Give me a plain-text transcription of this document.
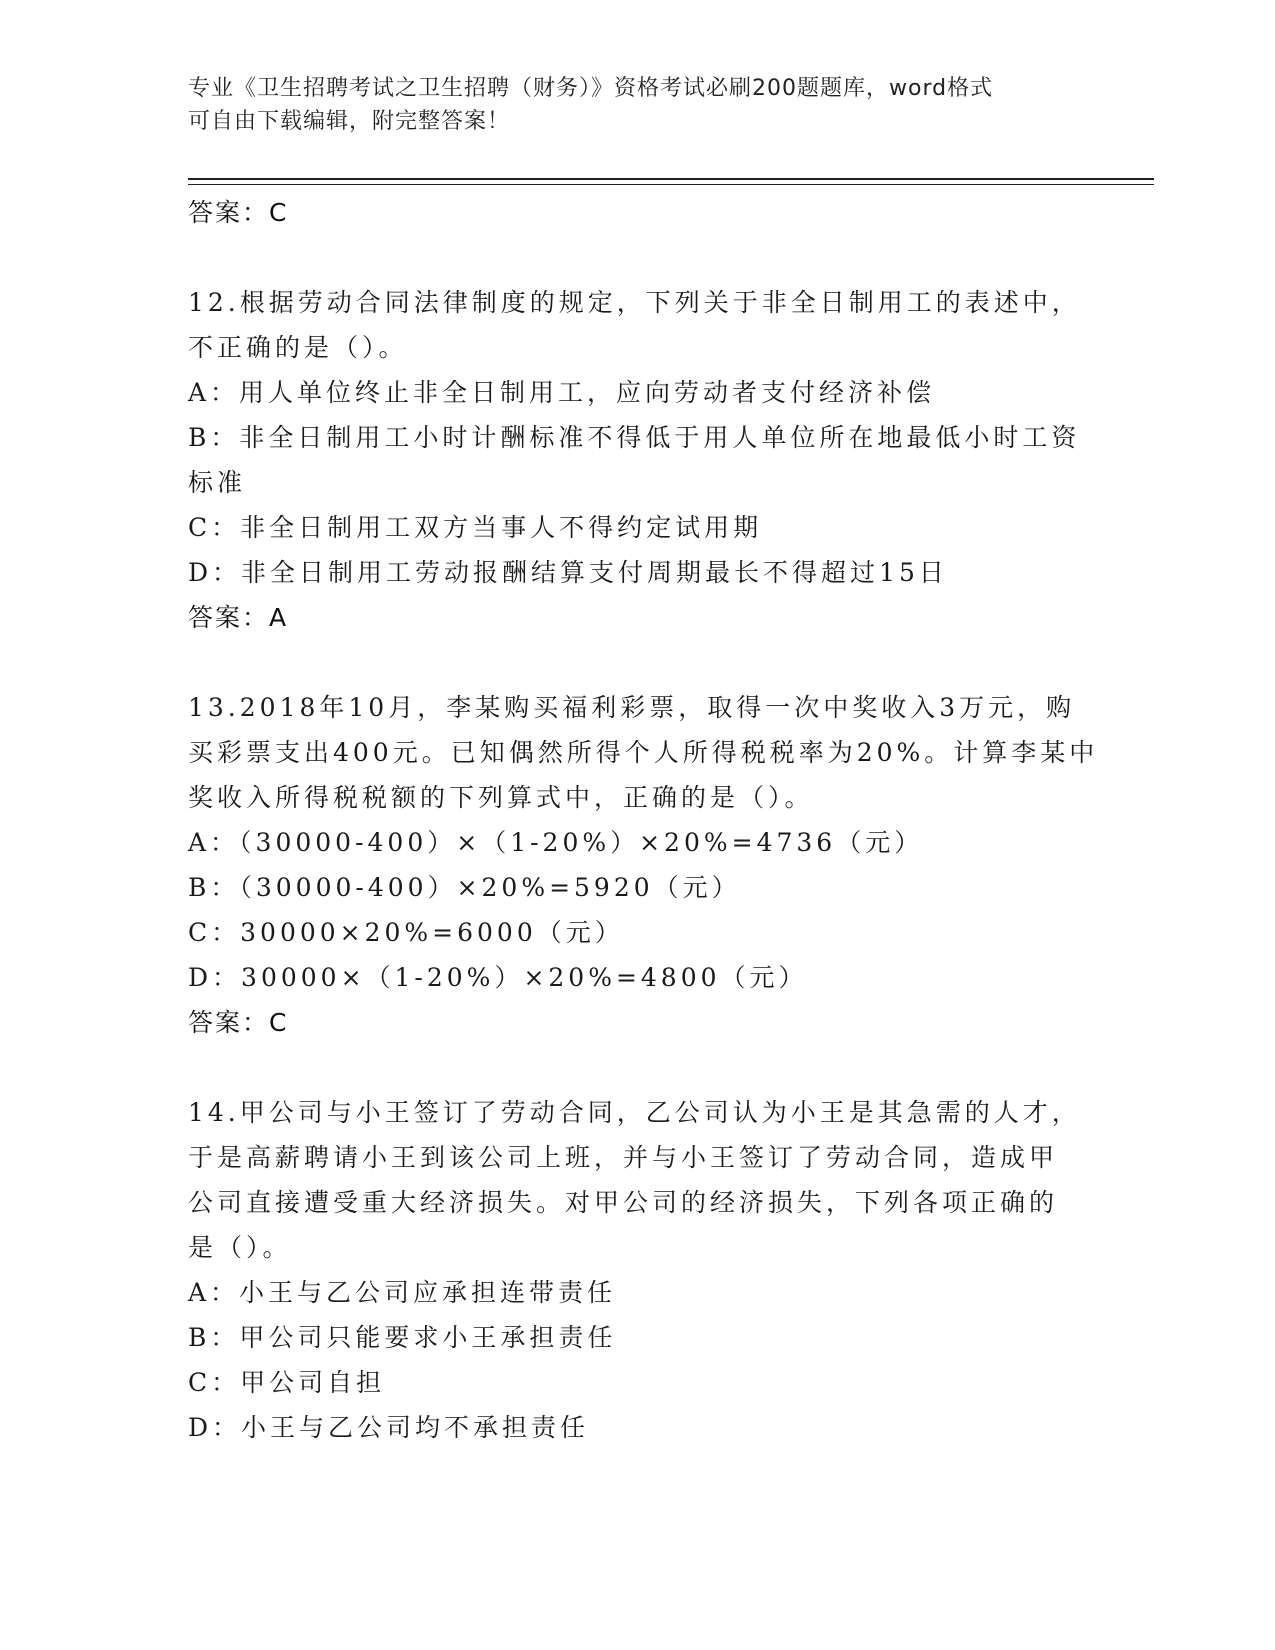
专业《卫生招聘考试之卫生招聘（财务）》资格考试必刷200题题库，word格式
可自由下载编辑，附完整答案！
答案：C
12.根据劳动合同法律制度的规定，下列关于非全日制用工的表述中，
不正确的是（）。
A：用人单位终止非全日制用工，应向劳动者支付经济补偿
B：非全日制用工小时计酬标准不得低于用人单位所在地最低小时工资
标准
C：非全日制用工双方当事人不得约定试用期
D：非全日制用工劳动报酬结算支付周期最长不得超过15日
答案：A
13.2018年10月，李某购买福利彩票，取得一次中奖收入3万元，购
买彩票支出400元。已知偶然所得个人所得税税率为20%。计算李某中
奖收入所得税税额的下列算式中，正确的是（）。
A：（30000-400）×（1-20%）×20%=4736（元）
B：（30000-400）×20%=5920（元）
C：30000×20%=6000（元）
D：30000×（1-20%）×20%=4800（元）
答案：C
14.甲公司与小王签订了劳动合同，乙公司认为小王是其急需的人才，
于是高薪聘请小王到该公司上班，并与小王签订了劳动合同，造成甲
公司直接遭受重大经济损失。对甲公司的经济损失，下列各项正确的
是（）。
A：小王与乙公司应承担连带责任
B：甲公司只能要求小王承担责任
C：甲公司自担
D：小王与乙公司均不承担责任
